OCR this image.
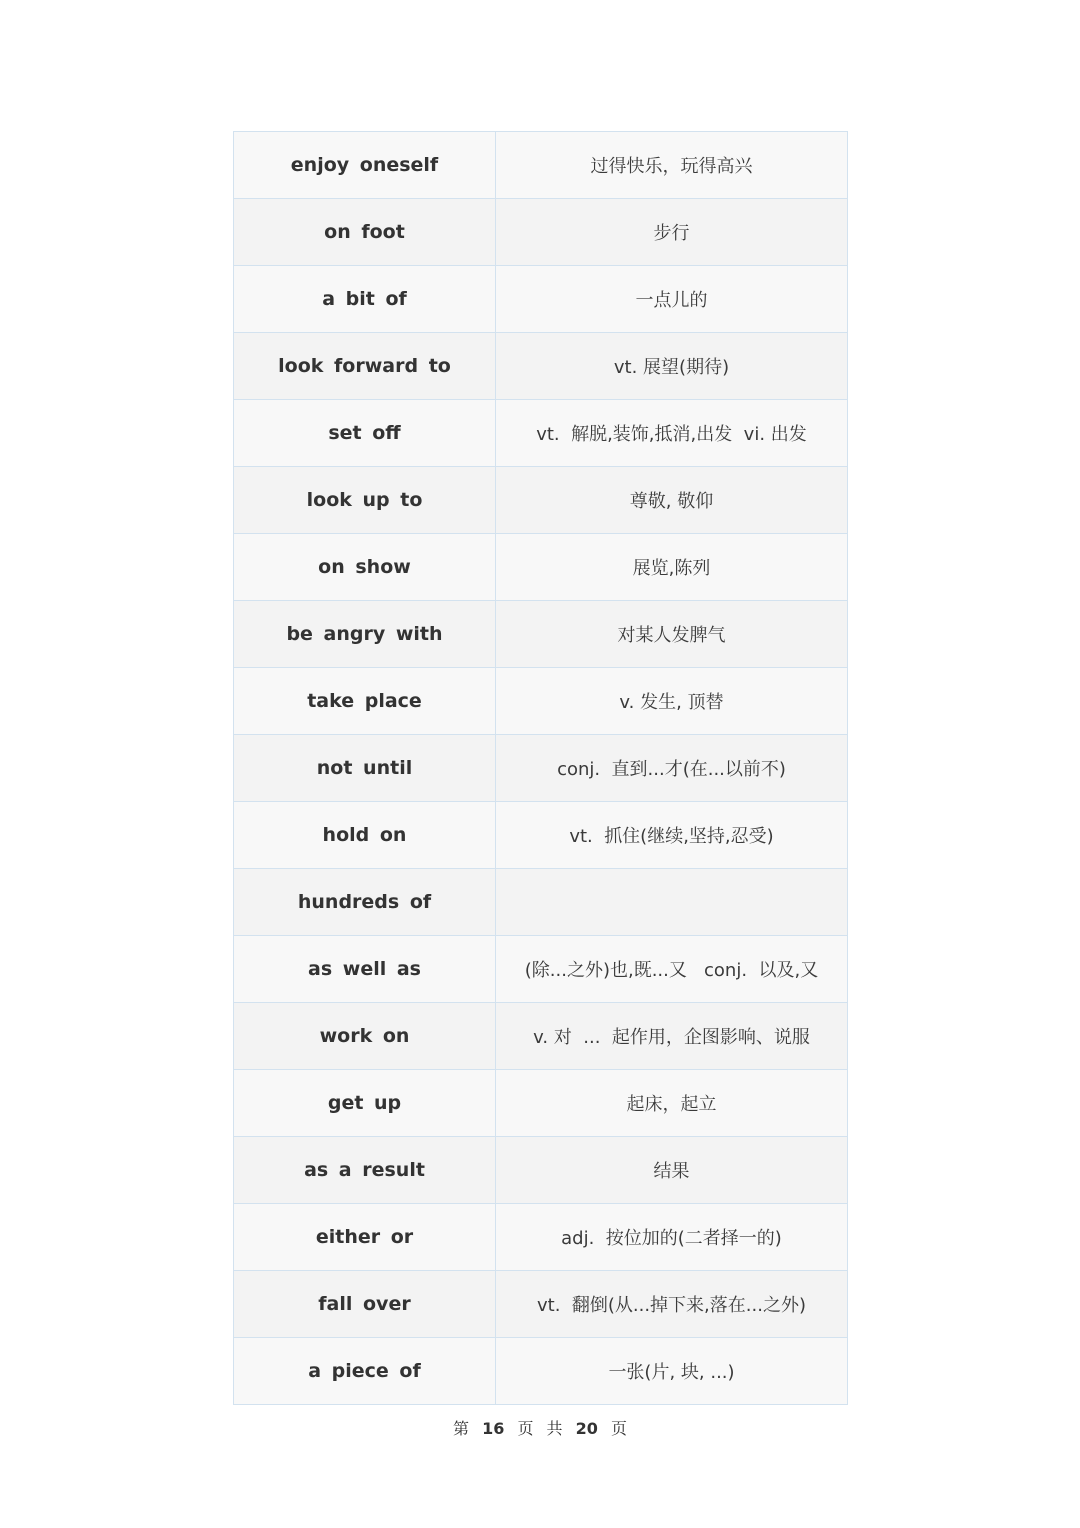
enjoy oneself	过得快乐，玩得高兴
on foot	步行
a bit of	一点儿的
look forward to	vt. 展望(期待)
set off	vt.  解脱,装饰,抵消,出发  vi. 出发
look up to	尊敬, 敬仰
on show	展览,陈列
be angry with	对某人发脾气
take place	v. 发生, 顶替
not until	conj.  直到...才(在...以前不)
hold on	vt.  抓住(继续,坚持,忍受)
hundreds of	
as well as	(除...之外)也,既...又   conj.  以及,又
work on	v. 对  ...  起作用，企图影响、说服
get up	起床，起立
as a result	结果
either or	adj.  按位加的(二者择一的)
fall over	vt.  翻倒(从...掉下来,落在...之外)
a piece of	一张(片, 块, ...)
第 16 页 共 20 页
